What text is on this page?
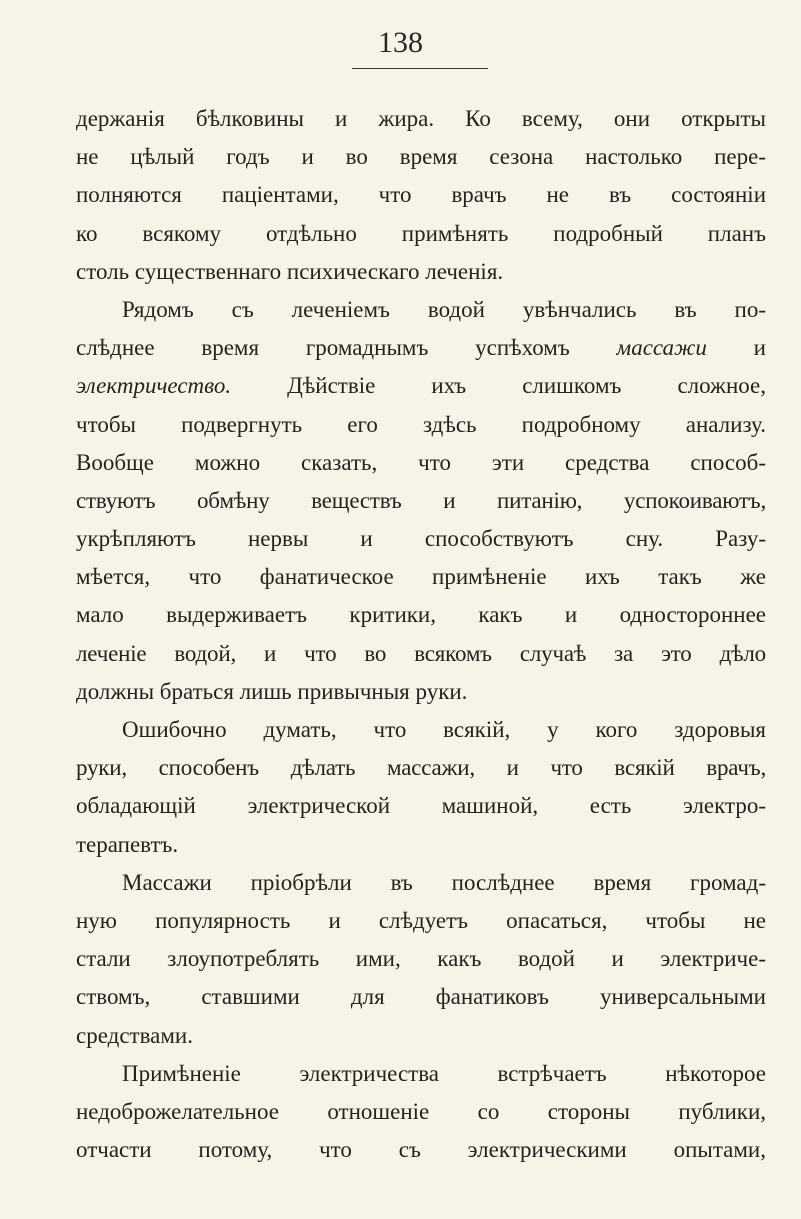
138
держанія бѣлковины и жира. Ко всему, они открыты
не цѣлый годъ и во время сезона настолько пере-
полняются паціентами, что врачъ не въ состояніи
ко всякому отдѣльно примѣнять подробный планъ
столь существеннаго психическаго леченія.
Рядомъ съ леченіемъ водой увѣнчались въ по-
слѣднее время громаднымъ успѣхомъ массажи и
электричество. Дѣйствіе ихъ слишкомъ сложное,
чтобы подвергнуть его здѣсь подробному анализу.
Вообще можно сказать, что эти средства способ-
ствуютъ обмѣну веществъ и питанію, успокоиваютъ,
укрѣпляютъ нервы и способствуютъ сну. Разу-
мѣется, что фанатическое примѣненіе ихъ такъ же
мало выдерживаетъ критики, какъ и одностороннее
леченіе водой, и что во всякомъ случаѣ за это дѣло
должны браться лишь привычныя руки.
Ошибочно думать, что всякій, у кого здоровыя
руки, способенъ дѣлать массажи, и что всякій врачъ,
обладающій электрической машиной, есть электро-
терапевтъ.
Массажи пріобрѣли въ послѣднее время громад-
ную популярность и слѣдуетъ опасаться, чтобы не
стали злоупотреблять ими, какъ водой и электриче-
ствомъ, ставшими для фанатиковъ универсальными
средствами.
Примѣненіе электричества встрѣчаетъ нѣкоторое
недоброжелательное отношеніе со стороны публики,
отчасти потому, что съ электрическими опытами,
